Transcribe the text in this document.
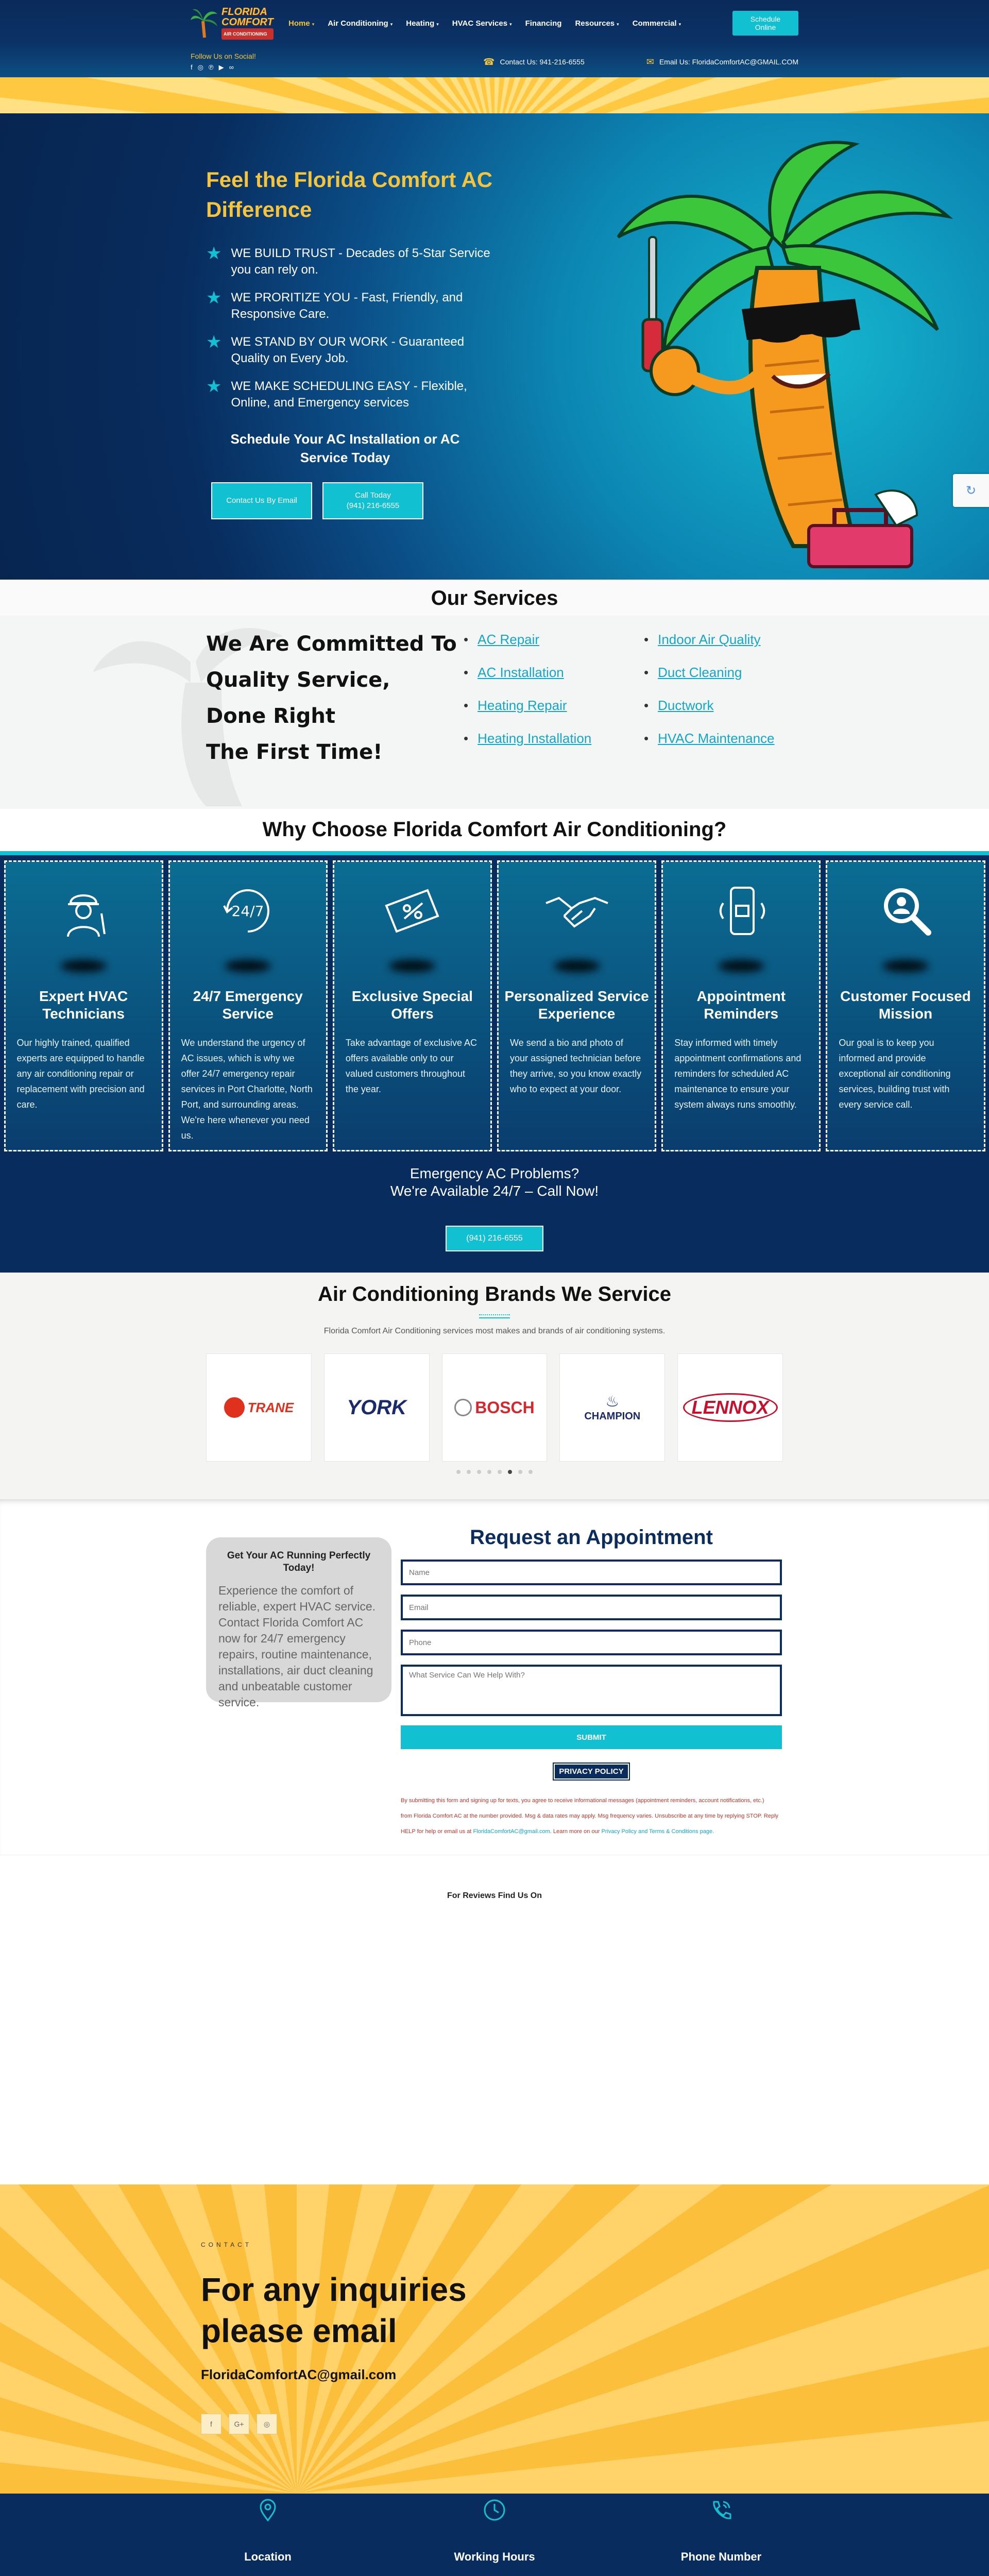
FLORIDA
COMFORT
AIR CONDITIONING
Home ▾ Air Conditioning ▾ Heating ▾ HVAC Services ▾ Financing Resources ▾ Commercial ▾
Schedule Online
Follow Us on Social!
f ◎ ℗ ▶ ∞
☎ Contact Us: 941-216-6555	✉ Email Us: FloridaComfortAC@GMAIL.COM
Feel the Florida Comfort AC Difference
★ WE BUILD TRUST - Decades of 5-Star Service you can rely on.
★ WE PRORITIZE YOU - Fast, Friendly, and Responsive Care.
★ WE STAND BY OUR WORK - Guaranteed Quality on Every Job.
★ WE MAKE SCHEDULING EASY - Flexible, Online, and Emergency services
Schedule Your AC Installation or AC Service Today
Contact Us By Email
Call Today
(941) 216-6555
↻
Our Services
We Are Committed To
Quality Service,
Done Right
The First Time!
• AC Repair
• AC Installation
• Heating Repair
• Heating Installation
• Indoor Air Quality
• Duct Cleaning
• Ductwork
• HVAC Maintenance
Why Choose Florida Comfort Air Conditioning?
Expert HVAC Technicians

Our highly trained, qualified experts are equipped to handle any air conditioning repair or replacement with precision and care.

24/7
24/7 Emergency Service

We understand the urgency of AC issues, which is why we offer 24/7 emergency repair services in Port Charlotte, North Port, and surrounding areas. We're here whenever you need us.

Exclusive Special Offers

Take advantage of exclusive AC offers available only to our valued customers throughout the year.

Personalized Service Experience

We send a bio and photo of your assigned technician before they arrive, so you know exactly who to expect at your door.

Appointment Reminders

Stay informed with timely appointment confirmations and reminders for scheduled AC maintenance to ensure your system always runs smoothly.

Customer Focused Mission

Our goal is to keep you informed and provide exceptional air conditioning services, building trust with every service call.

Emergency AC Problems?
We're Available 24/7 – Call Now!
(941) 216-6555
Air Conditioning Brands We Service

Florida Comfort Air Conditioning services most makes and brands of air conditioning systems.

TRANE	YORK	BOSCH	♨
CHAMPION	LENNOX
Get Your AC Running Perfectly Today!

Experience the comfort of reliable, expert HVAC service. Contact Florida Comfort AC now for 24/7 emergency repairs, routine maintenance, installations, air duct cleaning and unbeatable customer service.

Request an Appointment
Name
Email
Phone
What Service Can We Help With? SUBMIT
PRIVACY POLICY
By submitting this form and signing up for texts, you agree to receive informational messages (appointment reminders, account notifications, etc.)
from Florida Comfort AC at the number provided. Msg & data rates may apply. Msg frequency varies. Unsubscribe at any time by replying STOP. Reply
HELP for help or email us at FloridaComfortAC@gmail.com. Learn more on our Privacy Policy and Terms & Conditions page.
For Reviews Find Us On
CONTACT
For any inquiries
please email
FloridaComfortAC@gmail.com
f	G+	◎
Location	Working Hours	Phone Number
